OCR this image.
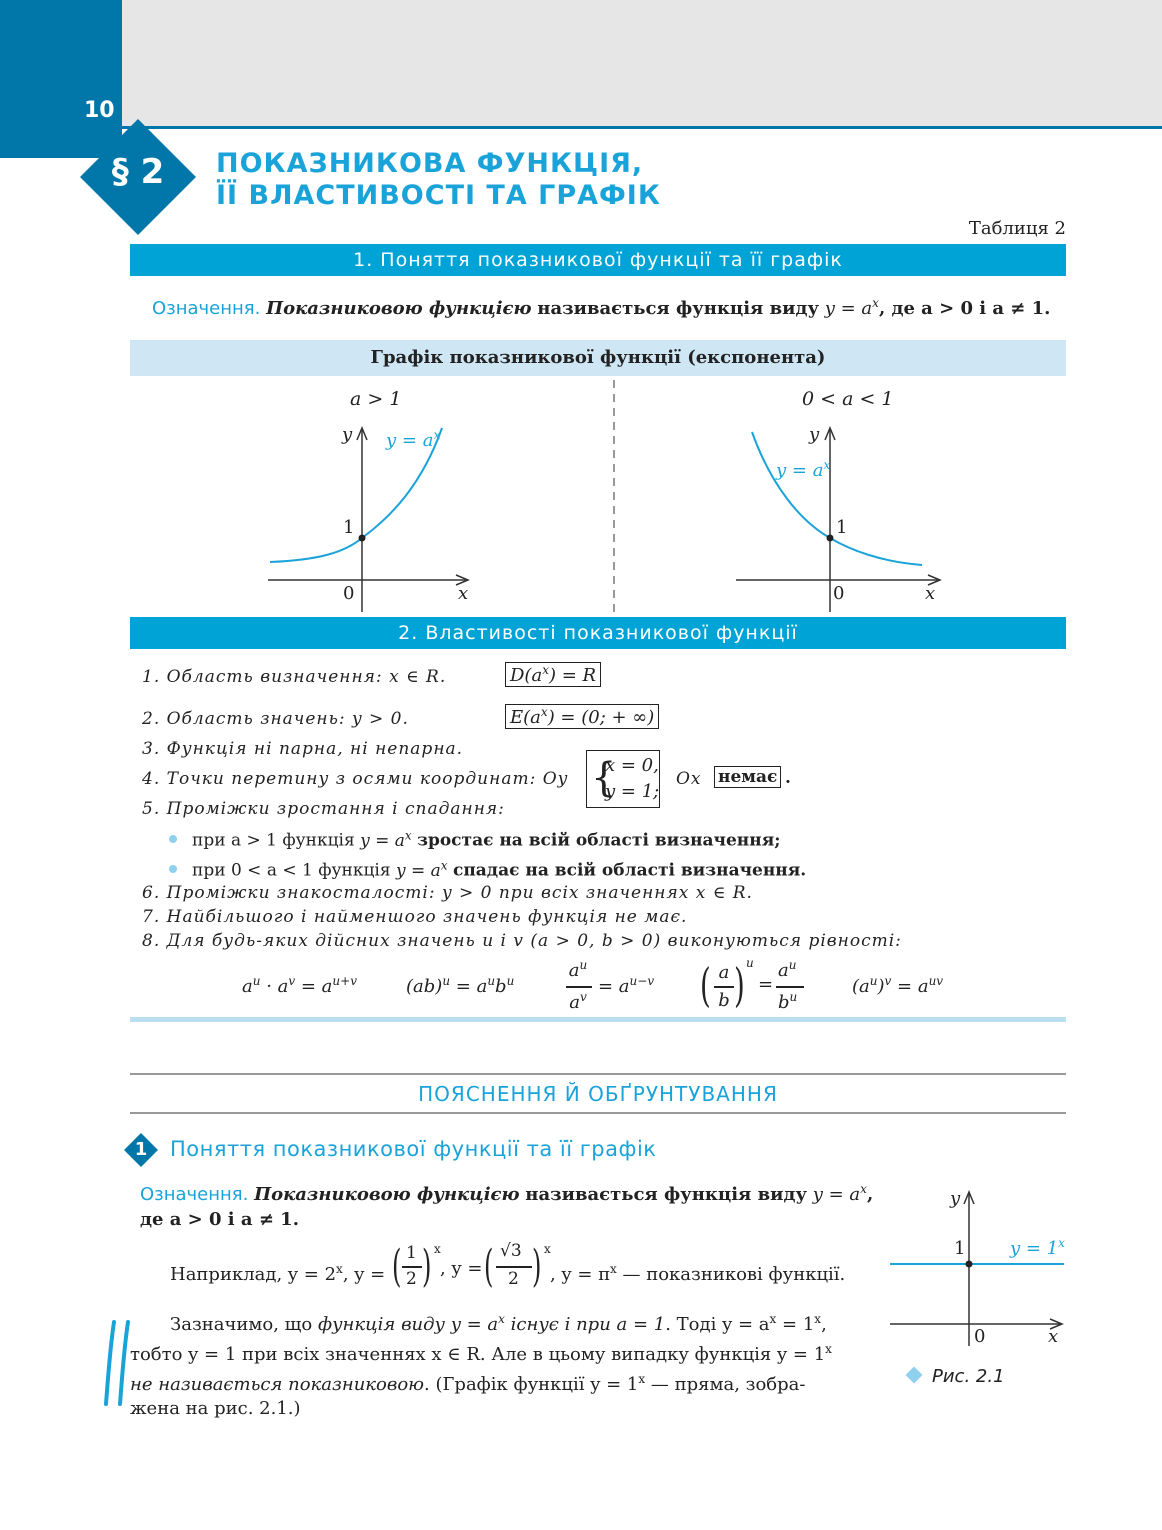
10
§ 2	ПОКАЗНИКОВА ФУНКЦІЯ,
ЇЇ ВЛАСТИВОСТІ ТА ГРАФІК
Таблиця 2
1. Поняття показникової функції та її графік
Означення. Показниковою функцією називається функція виду $y = a^x$, де a > 0 і a ≠ 1.
Графік показникової функції (експонента)
a > 1
y $y = a^x$
1
0	x
0 < a < 1
y
$y = a^x$
1
0	x
2. Властивості показникової функції
1. Область визначення: x ∈ R.	$D(a^x) = R$
2. Область значень: y > 0.	$E(a^x) = (0$; + ∞)
3. Функція ні парна, ні непарна.
4. Точки перетину з осями координат: Oy {
x = 0,
y = 1;
Ox немає .
5. Проміжки зростання і спадання:
при a > 1 функція $y = a^x$ зростає на всій області визначення;
при 0 < a < 1 функція $y = a^x$ спадає на всій області визначення.
6. Проміжки знакосталості: y > 0 при всіх значеннях x ∈ R.
7. Найбільшого і найменшого значень функція не має.
8. Для будь-яких дійсних значень u і v (a > 0, b > 0) виконуються рівності:
$a^u \cdot a^v = a^{u+v}$	$(ab)^u = a^ub^u$	$a^u$
$a^v = a^{u-v}$ ( a
b ) u
=
$a^u$
$b^u$	$(a^u)^v = a^{uv}$
ПОЯСНЕННЯ Й ОБҐРУНТУВАННЯ
1 Поняття показникової функції та її графік
Означення. Показниковою функцією називається функція виду $y = a^x$,
де a > 0 і a ≠ 1.
Наприклад, $y = 2^x$, y = ( 1
2 ) x
, y = ( √3
2 ) x
, $y = \pi^x$ — показникові функції.
Зазначимо, що функція виду $y = a^x$ існує і при a = 1. Тоді $y = a^x = 1^x$,
тобто y = 1 при всіх значеннях x ∈ R. Але в цьому випадку функція $y = 1^x$
не називається показниковою. (Графік функції $y = 1^x$ — пряма, зобра-
жена на рис. 2.1.)
y
1 $y = 1^x$
0	x
Рис. 2.1
